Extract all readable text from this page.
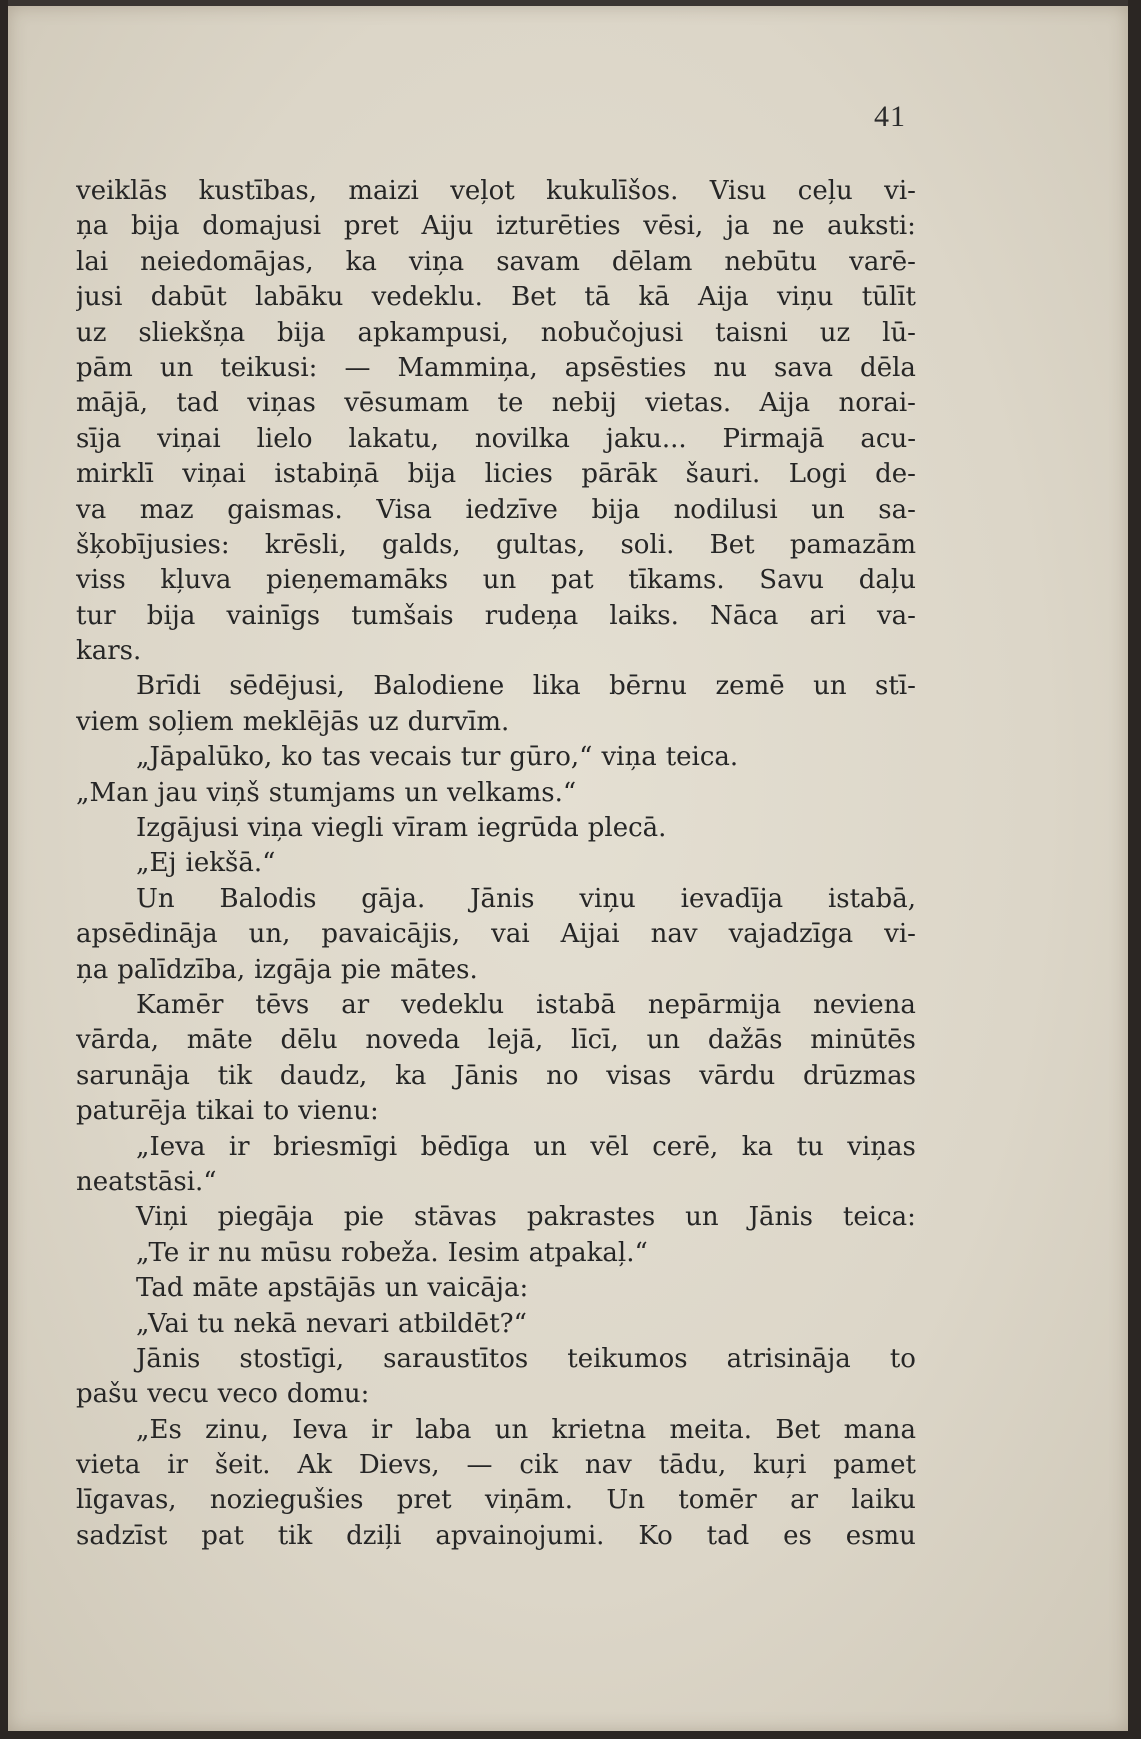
41
veiklās kustības, maizi veļot kukulīšos. Visu ceļu vi-
ņa bija domajusi pret Aiju izturēties vēsi, ja ne auksti:
lai neiedomājas, ka viņa savam dēlam nebūtu varē-
jusi dabūt labāku vedeklu. Bet tā kā Aija viņu tūlīt
uz sliekšņa bija apkampusi, nobučojusi taisni uz lū-
pām un teikusi: — Mammiņa, apsēsties nu sava dēla
mājā, tad viņas vēsumam te nebij vietas. Aija norai-
sīja viņai lielo lakatu, novilka jaku... Pirmajā acu-
mirklī viņai istabiņā bija licies pārāk šauri. Logi de-
va maz gaismas. Visa iedzīve bija nodilusi un sa-
šķobījusies: krēsli, galds, gultas, soli. Bet pamazām
viss kļuva pieņemamāks un pat tīkams. Savu daļu
tur bija vainīgs tumšais rudeņa laiks. Nāca ari va-
kars.
Brīdi sēdējusi, Balodiene lika bērnu zemē un stī-
viem soļiem meklējās uz durvīm.
„Jāpalūko, ko tas vecais tur gūro,“ viņa teica.
„Man jau viņš stumjams un velkams.“
Izgājusi viņa viegli vīram iegrūda plecā.
„Ej iekšā.“
Un Balodis gāja. Jānis viņu ievadīja istabā,
apsēdināja un, pavaicājis, vai Aijai nav vajadzīga vi-
ņa palīdzība, izgāja pie mātes.
Kamēr tēvs ar vedeklu istabā nepārmija neviena
vārda, māte dēlu noveda lejā, līcī, un dažās minūtēs
sarunāja tik daudz, ka Jānis no visas vārdu drūzmas
paturēja tikai to vienu:
„Ieva ir briesmīgi bēdīga un vēl cerē, ka tu viņas
neatstāsi.“
Viņi piegāja pie stāvas pakrastes un Jānis teica:
„Te ir nu mūsu robeža. Iesim atpakaļ.“
Tad māte apstājās un vaicāja:
„Vai tu nekā nevari atbildēt?“
Jānis stostīgi, saraustītos teikumos atrisināja to
pašu vecu veco domu:
„Es zinu, Ieva ir laba un krietna meita. Bet mana
vieta ir šeit. Ak Dievs, — cik nav tādu, kuŗi pamet
līgavas, noziegušies pret viņām. Un tomēr ar laiku
sadzīst pat tik dziļi apvainojumi. Ko tad es esmu
